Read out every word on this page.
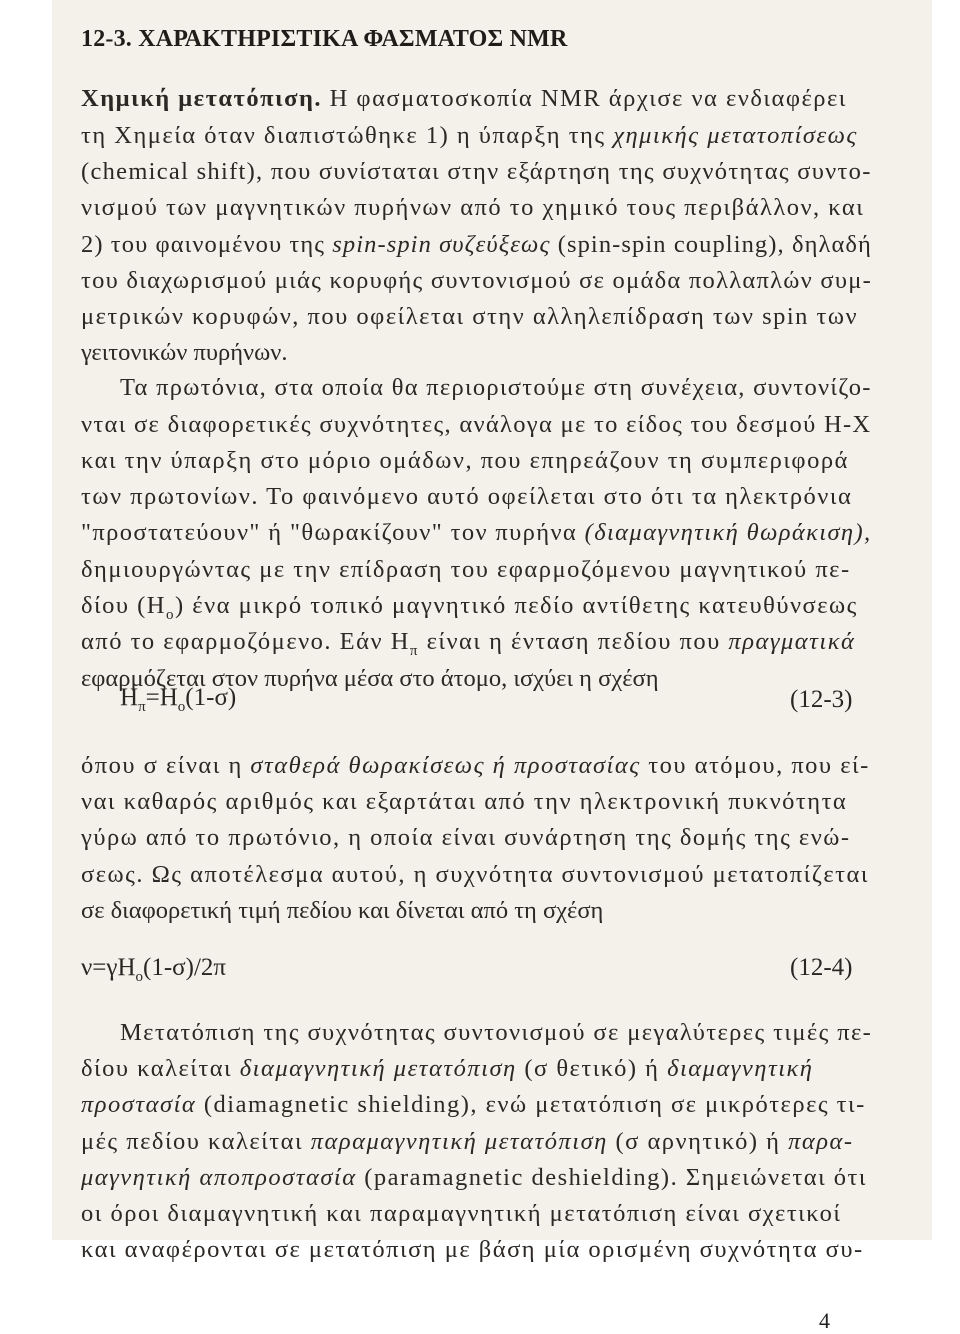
12-3. ΧΑΡΑΚΤΗΡΙΣΤΙΚΑ ΦΑΣΜΑΤΟΣ NMR
Χημική μετατόπιση. Η φασματοσκοπία NMR άρχισε να ενδιαφέρει
τη Χημεία όταν διαπιστώθηκε 1) η ύπαρξη της χημικής μετατοπίσεως
(chemical shift), που συνίσταται στην εξάρτηση της συχνότητας συντο-
νισμού των μαγνητικών πυρήνων από το χημικό τους περιβάλλον, και
2) του φαινομένου της spin-spin συζεύξεως (spin-spin coupling), δηλαδή
του διαχωρισμού μιάς κορυφής συντονισμού σε ομάδα πολλαπλών συμ-
μετρικών κορυφών, που οφείλεται στην αλληλεπίδραση των spin των
γειτονικών πυρήνων.
Τα πρωτόνια, στα οποία θα περιοριστούμε στη συνέχεια, συντονίζο-
νται σε διαφορετικές συχνότητες, ανάλογα με το είδος του δεσμού Η-Χ
και την ύπαρξη στο μόριο ομάδων, που επηρεάζουν τη συμπεριφορά
των πρωτονίων. Το φαινόμενο αυτό οφείλεται στο ότι τα ηλεκτρόνια
"προστατεύουν" ή "θωρακίζουν" τον πυρήνα (διαμαγνητική θωράκιση),
δημιουργώντας με την επίδραση του εφαρμοζόμενου μαγνητικού πε-
δίου $(H_o)$ ένα μικρό τοπικό μαγνητικό πεδίο αντίθετης κατευθύνσεως
από το εφαρμοζόμενο. Εάν $H_\pi$ είναι η ένταση πεδίου που πραγματικά
εφαρμόζεται στον πυρήνα μέσα στο άτομο, ισχύει η σχέση
$H_\pi=H_o(1-\sigma)$	(12-3)
όπου σ είναι η σταθερά θωρακίσεως ή προστασίας του ατόμου, που εί-
ναι καθαρός αριθμός και εξαρτάται από την ηλεκτρονική πυκνότητα
γύρω από το πρωτόνιο, η οποία είναι συνάρτηση της δομής της ενώ-
σεως. Ως αποτέλεσμα αυτού, η συχνότητα συντονισμού μετατοπίζεται
σε διαφορετική τιμή πεδίου και δίνεται από τη σχέση
$\nu=\gamma H_o(1-\sigma)/2\pi$	(12-4)
Μετατόπιση της συχνότητας συντονισμού σε μεγαλύτερες τιμές πε-
δίου καλείται διαμαγνητική μετατόπιση (σ θετικό) ή διαμαγνητική
προστασία (diamagnetic shielding), ενώ μετατόπιση σε μικρότερες τι-
μές πεδίου καλείται παραμαγνητική μετατόπιση (σ αρνητικό) ή παρα-
μαγνητική αποπροστασία (paramagnetic deshielding). Σημειώνεται ότι
οι όροι διαμαγνητική και παραμαγνητική μετατόπιση είναι σχετικοί
και αναφέρονται σε μετατόπιση με βάση μία ορισμένη συχνότητα συ-
4
